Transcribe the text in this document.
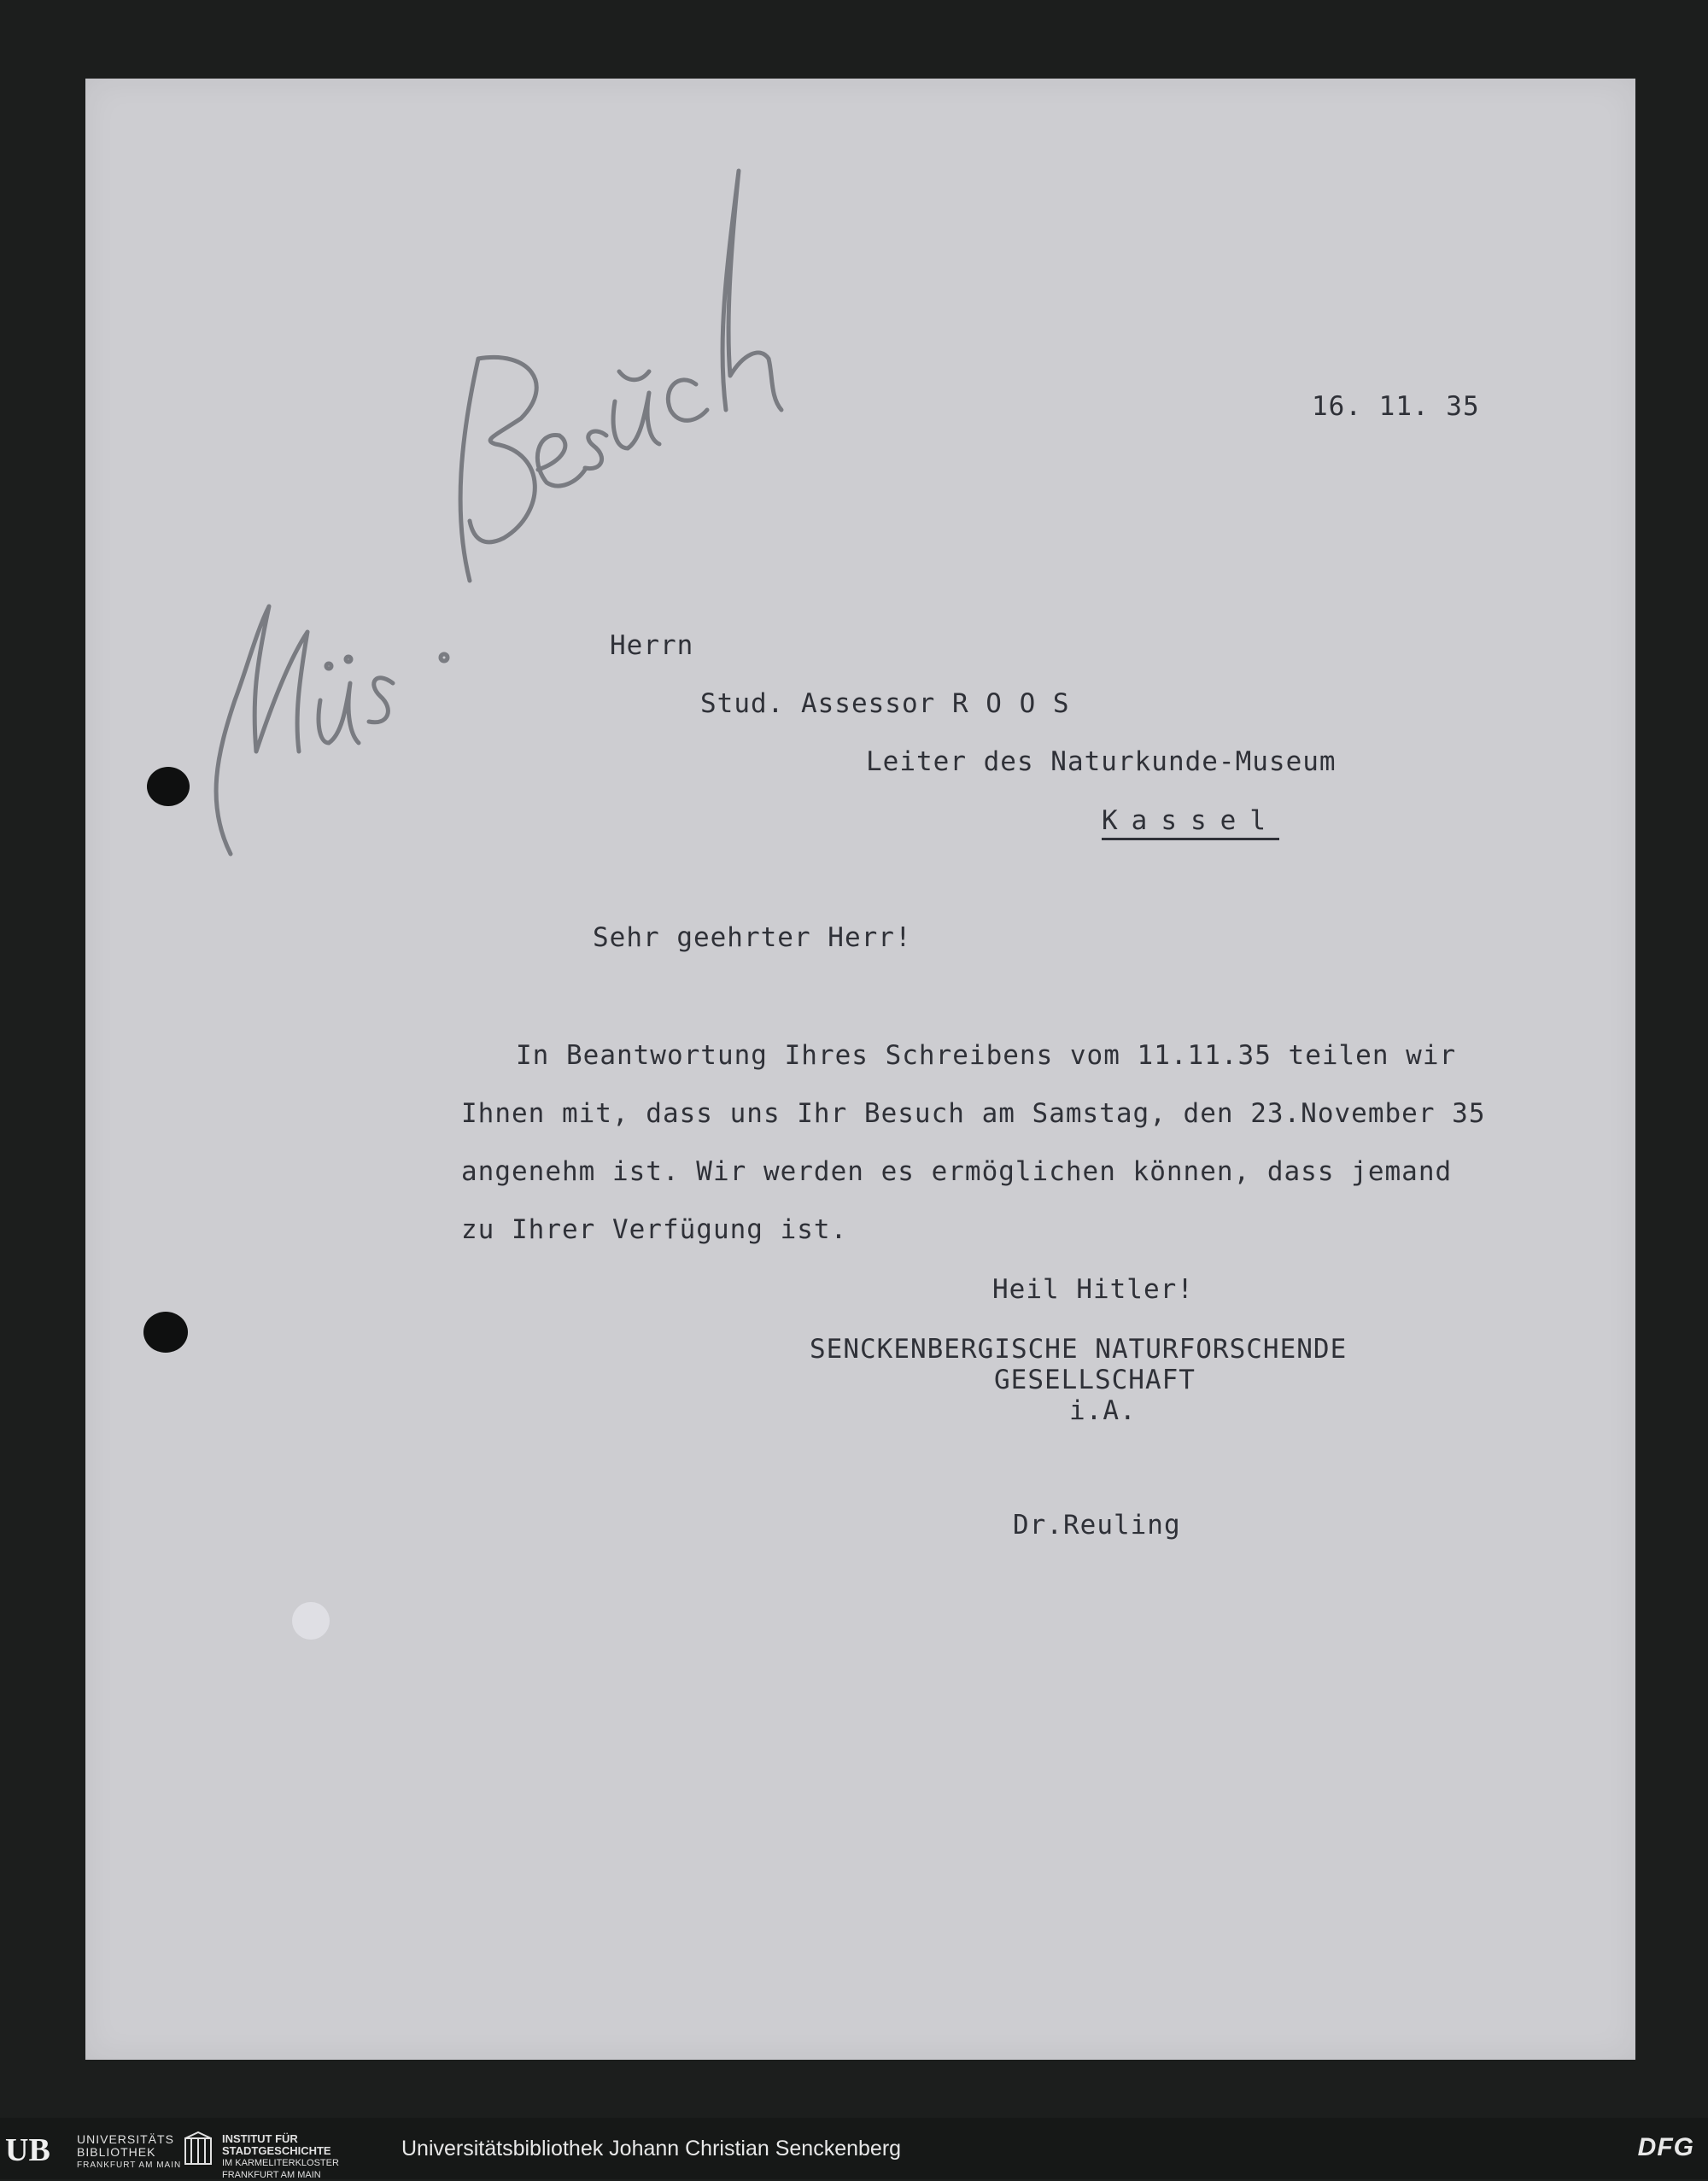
16. 11. 35
Herrn
Stud. Assessor R O O S
Leiter des Naturkunde-Museum
Kassel
Sehr geehrter Herr!
In Beantwortung Ihres Schreibens vom 11.11.35 teilen wir
Ihnen mit, dass uns Ihr Besuch am Samstag, den 23.November 35
angenehm ist. Wir werden es ermöglichen können, dass jemand
zu Ihrer Verfügung ist.
Heil Hitler!
SENCKENBERGISCHE NATURFORSCHENDE
GESELLSCHAFT
i.A.
Dr.Reuling
UB UNIVERSITÄTS
BIBLIOTHEK
FRANKFURT AM MAIN
INSTITUT FÜR
STADTGESCHICHTE
IM KARMELITERKLOSTER
FRANKFURT AM MAIN
Universitätsbibliothek Johann Christian Senckenberg	DFG
